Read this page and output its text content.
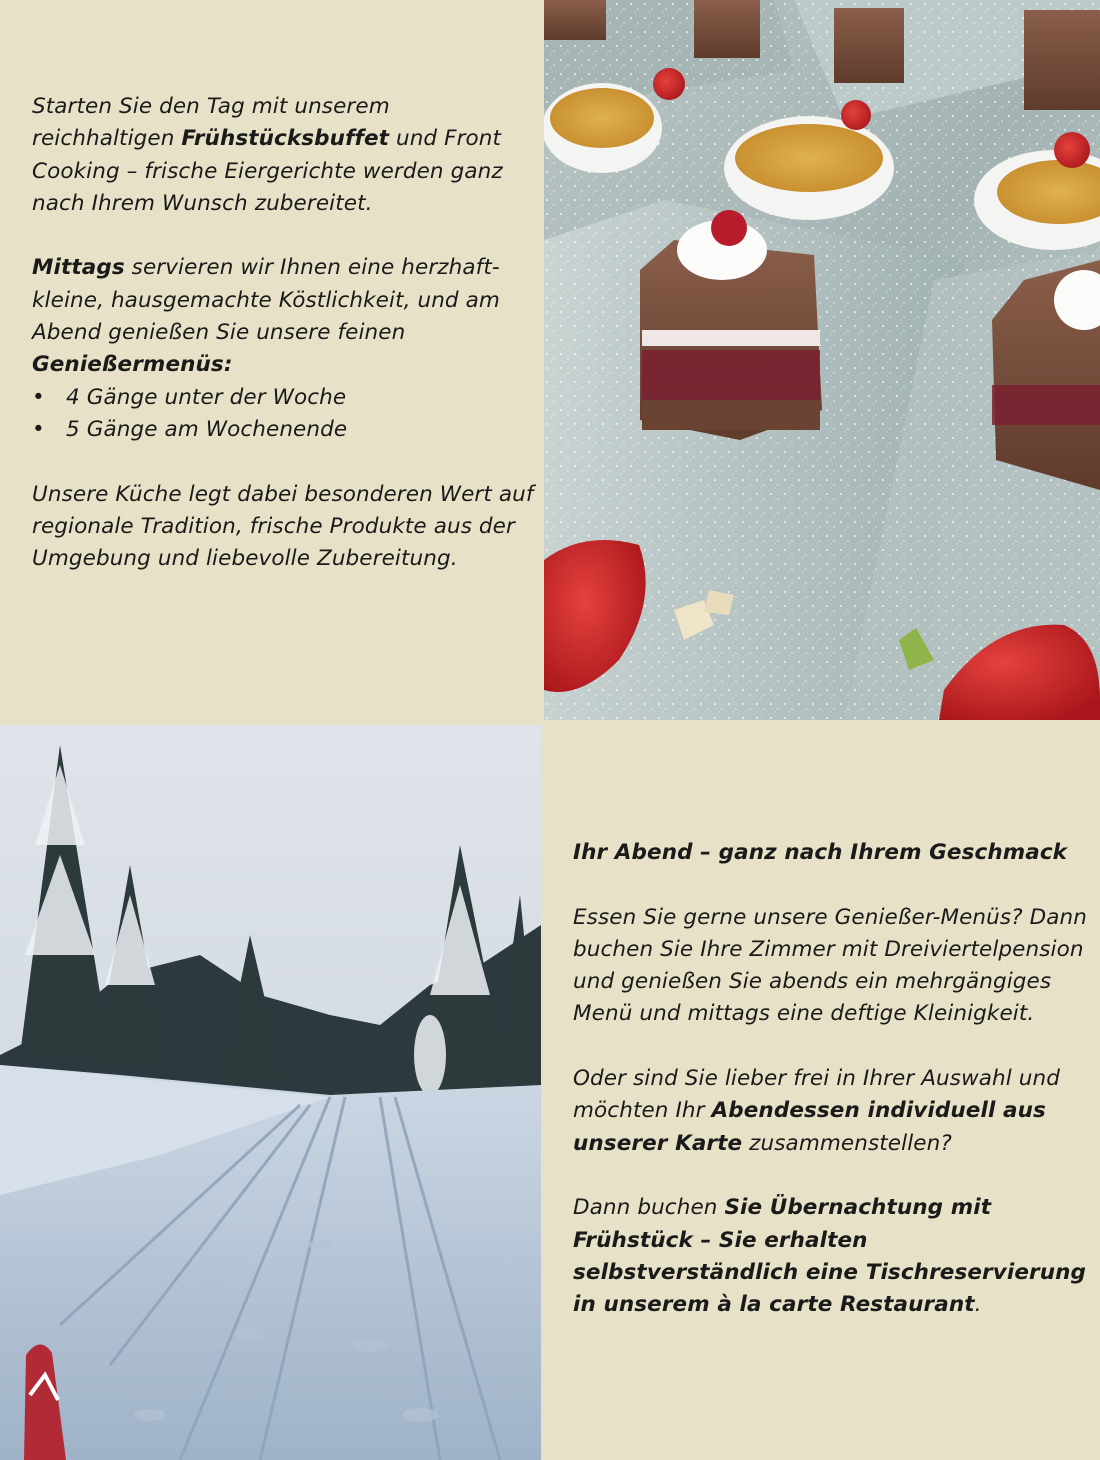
Starten Sie den Tag mit unserem reichhaltigen Frühstücksbuffet und Front Cooking – frische Eiergerichte werden ganz nach Ihrem Wunsch zubereitet.

Mittags servieren wir Ihnen eine herzhaft-kleine, hausgemachte Köstlichkeit, und am Abend genießen Sie unsere feinen Genießermenüs:

• 4 Gänge unter der Woche
• 5 Gänge am Wochenende

Unsere Küche legt dabei besonderen Wert auf regionale Tradition, frische Produkte aus der Umgebung und liebevolle Zubereitung.

Ihr Abend – ganz nach Ihrem Geschmack

Essen Sie gerne unsere Genießer-Menüs? Dann buchen Sie Ihre Zimmer mit Dreiviertelpension und genießen Sie abends ein mehrgängiges Menü und mittags eine deftige Kleinigkeit.

Oder sind Sie lieber frei in Ihrer Auswahl und möchten Ihr Abendessen individuell aus unserer Karte zusammenstellen?

Dann buchen Sie Übernachtung mit Frühstück – Sie erhalten selbstverständlich eine Tischreservierung in unserem à la carte Restaurant.
